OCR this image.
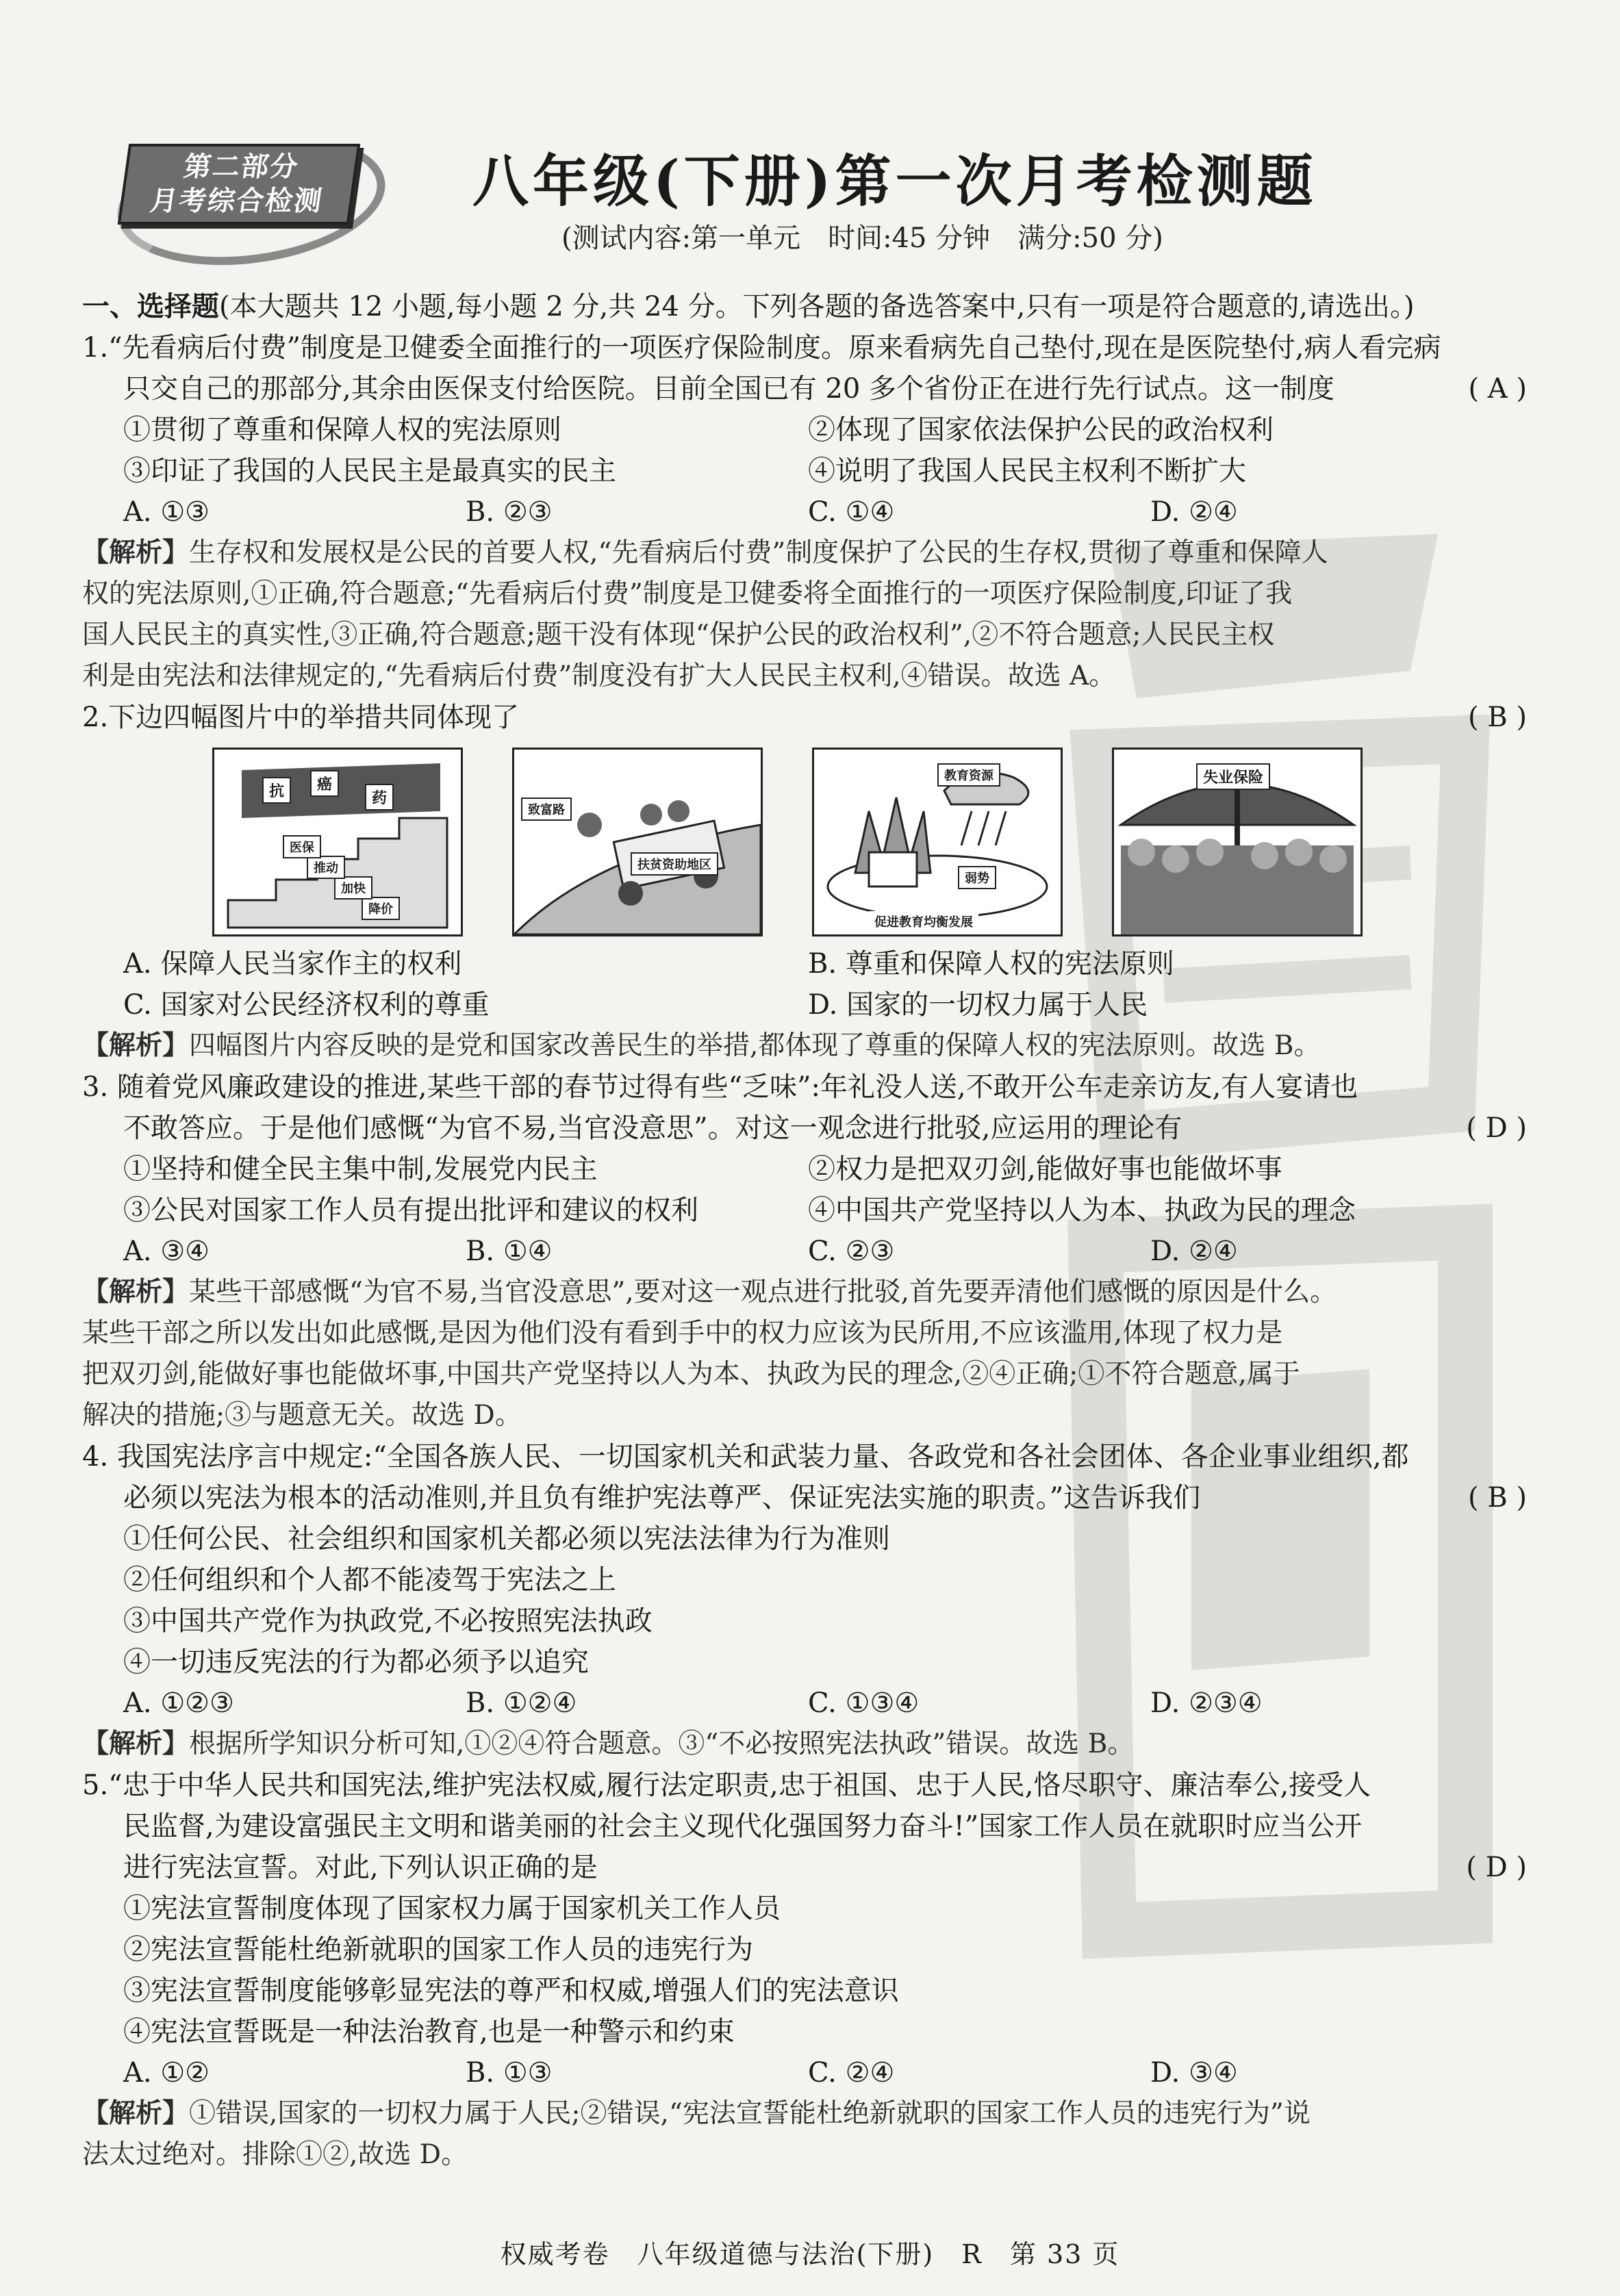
第二部分
月考综合检测	八年级(下册)第一次月考检测题
(测试内容:第一单元　时间:45 分钟　满分:50 分)
一、选择题(本大题共 12 小题,每小题 2 分,共 24 分。下列各题的备选答案中,只有一项是符合题意的,请选出。)
1.“先看病后付费”制度是卫健委全面推行的一项医疗保险制度。原来看病先自己垫付,现在是医院垫付,病人看完病
只交自己的那部分,其余由医保支付给医院。目前全国已有 20 多个省份正在进行先行试点。这一制度	( A )
①贯彻了尊重和保障人权的宪法原则	②体现了国家依法保护公民的政治权利
③印证了我国的人民民主是最真实的民主	④说明了我国人民民主权利不断扩大
A. ①③	B. ②③	C. ①④	D. ②④
【解析】生存权和发展权是公民的首要人权,“先看病后付费”制度保护了公民的生存权,贯彻了尊重和保障人
权的宪法原则,①正确,符合题意;“先看病后付费”制度是卫健委将全面推行的一项医疗保险制度,印证了我
国人民民主的真实性,③正确,符合题意;题干没有体现“保护公民的政治权利”,②不符合题意;人民民主权
利是由宪法和法律规定的,“先看病后付费”制度没有扩大人民民主权利,④错误。故选 A。
2.下边四幅图片中的举措共同体现了	( B )
抗	癌
药
降价
加快
推动
医保
致富路
扶贫资助地区
教育资源
弱势
促进教育均衡发展
失业保险
A. 保障人民当家作主的权利	B. 尊重和保障人权的宪法原则
C. 国家对公民经济权利的尊重	D. 国家的一切权力属于人民
【解析】四幅图片内容反映的是党和国家改善民生的举措,都体现了尊重的保障人权的宪法原则。故选 B。
3. 随着党风廉政建设的推进,某些干部的春节过得有些“乏味”:年礼没人送,不敢开公车走亲访友,有人宴请也
不敢答应。于是他们感慨“为官不易,当官没意思”。对这一观念进行批驳,应运用的理论有	( D )
①坚持和健全民主集中制,发展党内民主	②权力是把双刃剑,能做好事也能做坏事
③公民对国家工作人员有提出批评和建议的权利	④中国共产党坚持以人为本、执政为民的理念
A. ③④	B. ①④	C. ②③	D. ②④
【解析】某些干部感慨“为官不易,当官没意思”,要对这一观点进行批驳,首先要弄清他们感慨的原因是什么。
某些干部之所以发出如此感慨,是因为他们没有看到手中的权力应该为民所用,不应该滥用,体现了权力是
把双刃剑,能做好事也能做坏事,中国共产党坚持以人为本、执政为民的理念,②④正确;①不符合题意,属于
解决的措施;③与题意无关。故选 D。
4. 我国宪法序言中规定:“全国各族人民、一切国家机关和武装力量、各政党和各社会团体、各企业事业组织,都
必须以宪法为根本的活动准则,并且负有维护宪法尊严、保证宪法实施的职责。”这告诉我们	( B )
①任何公民、社会组织和国家机关都必须以宪法法律为行为准则
②任何组织和个人都不能凌驾于宪法之上
③中国共产党作为执政党,不必按照宪法执政
④一切违反宪法的行为都必须予以追究
A. ①②③	B. ①②④	C. ①③④	D. ②③④
【解析】根据所学知识分析可知,①②④符合题意。③“不必按照宪法执政”错误。故选 B。
5.“忠于中华人民共和国宪法,维护宪法权威,履行法定职责,忠于祖国、忠于人民,恪尽职守、廉洁奉公,接受人
民监督,为建设富强民主文明和谐美丽的社会主义现代化强国努力奋斗!”国家工作人员在就职时应当公开
进行宪法宣誓。对此,下列认识正确的是	( D )
①宪法宣誓制度体现了国家权力属于国家机关工作人员
②宪法宣誓能杜绝新就职的国家工作人员的违宪行为
③宪法宣誓制度能够彰显宪法的尊严和权威,增强人们的宪法意识
④宪法宣誓既是一种法治教育,也是一种警示和约束
A. ①②	B. ①③	C. ②④	D. ③④
【解析】①错误,国家的一切权力属于人民;②错误,“宪法宣誓能杜绝新就职的国家工作人员的违宪行为”说
法太过绝对。排除①②,故选 D。
权威考卷　八年级道德与法治(下册)　R　第 33 页
